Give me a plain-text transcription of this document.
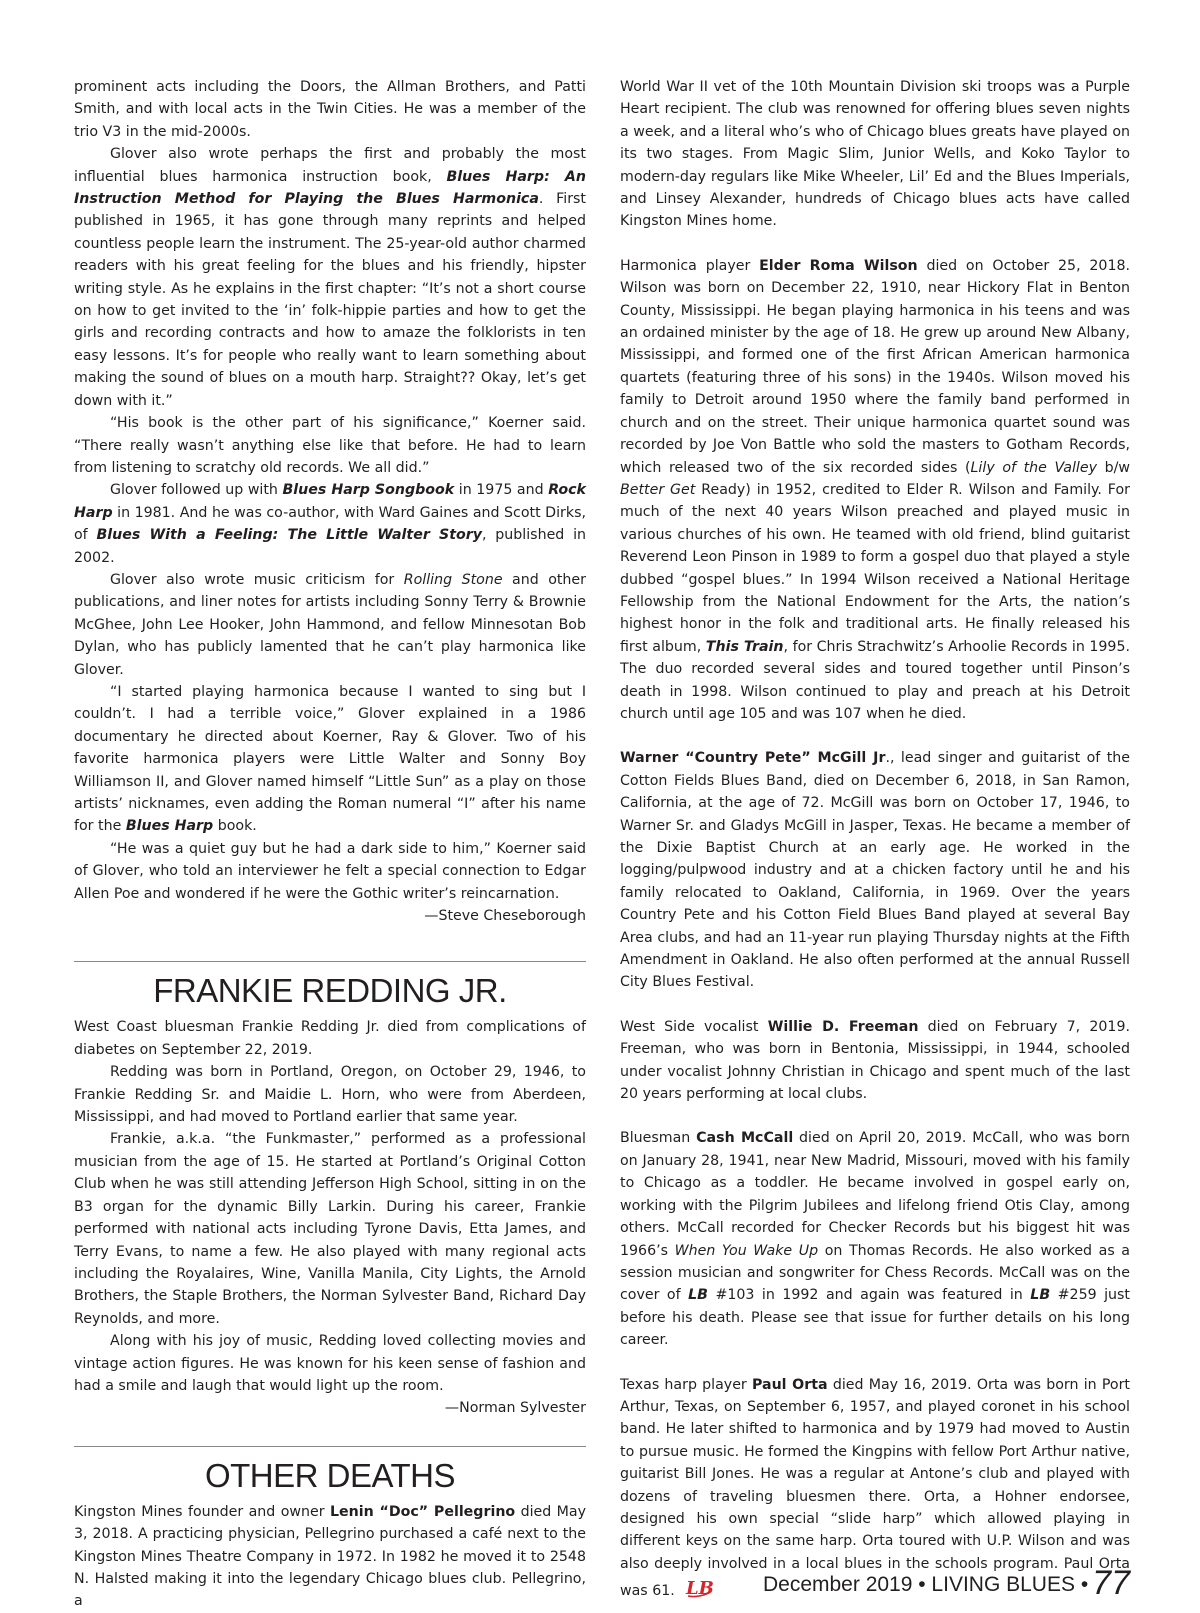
prominent acts including the Doors, the Allman Brothers, and Patti Smith, and with local acts in the Twin Cities. He was a member of the trio V3 in the mid-2000s.

Glover also wrote perhaps the first and probably the most influential blues harmonica instruction book, Blues Harp: An Instruction Method for Playing the Blues Harmonica. First published in 1965, it has gone through many reprints and helped countless people learn the instrument. The 25-year-old author charmed readers with his great feeling for the blues and his friendly, hipster writing style. As he explains in the first chapter: “It’s not a short course on how to get invited to the ‘in’ folk-hippie parties and how to get the girls and recording contracts and how to amaze the folklorists in ten easy lessons. It’s for people who really want to learn something about making the sound of blues on a mouth harp. Straight?? Okay, let’s get down with it.”

“His book is the other part of his significance,” Koerner said. “There really wasn’t anything else like that before. He had to learn from listening to scratchy old records. We all did.”

Glover followed up with Blues Harp Songbook in 1975 and Rock Harp in 1981. And he was co-author, with Ward Gaines and Scott Dirks, of Blues With a Feeling: The Little Walter Story, published in 2002.

Glover also wrote music criticism for Rolling Stone and other publications, and liner notes for artists including Sonny Terry & Brownie McGhee, John Lee Hooker, John Hammond, and fellow Minnesotan Bob Dylan, who has publicly lamented that he can’t play harmonica like Glover.

“I started playing harmonica because I wanted to sing but I couldn’t. I had a terrible voice,” Glover explained in a 1986 documentary he directed about Koerner, Ray & Glover. Two of his favorite harmonica players were Little Walter and Sonny Boy Williamson II, and Glover named himself “Little Sun” as a play on those artists’ nicknames, even adding the Roman numeral “I” after his name for the Blues Harp book.

“He was a quiet guy but he had a dark side to him,” Koerner said of Glover, who told an interviewer he felt a special connection to Edgar Allen Poe and wondered if he were the Gothic writer’s reincarnation.

—Steve Cheseborough

FRANKIE REDDING JR.

West Coast bluesman Frankie Redding Jr. died from complications of diabetes on September 22, 2019.

Redding was born in Portland, Oregon, on October 29, 1946, to Frankie Redding Sr. and Maidie L. Horn, who were from Aberdeen, Mississippi, and had moved to Portland earlier that same year.

Frankie, a.k.a. “the Funkmaster,” performed as a professional musician from the age of 15. He started at Portland’s Original Cotton Club when he was still attending Jefferson High School, sitting in on the B3 organ for the dynamic Billy Larkin. During his career, Frankie performed with national acts including Tyrone Davis, Etta James, and Terry Evans, to name a few. He also played with many regional acts including the Royalaires, Wine, Vanilla Manila, City Lights, the Arnold Brothers, the Staple Brothers, the Norman Sylvester Band, Richard Day Reynolds, and more.

Along with his joy of music, Redding loved collecting movies and vintage action figures. He was known for his keen sense of fashion and had a smile and laugh that would light up the room.

—Norman Sylvester

OTHER DEATHS

Kingston Mines founder and owner Lenin “Doc” Pellegrino died May 3, 2018. A practicing physician, Pellegrino purchased a café next to the Kingston Mines Theatre Company in 1972. In 1982 he moved it to 2548 N. Halsted making it into the legendary Chicago blues club. Pellegrino, a

World War II vet of the 10th Mountain Division ski troops was a Purple Heart recipient. The club was renowned for offering blues seven nights a week, and a literal who’s who of Chicago blues greats have played on its two stages. From Magic Slim, Junior Wells, and Koko Taylor to modern-day regulars like Mike Wheeler, Lil’ Ed and the Blues Imperials, and Linsey Alexander, hundreds of Chicago blues acts have called Kingston Mines home.

Harmonica player Elder Roma Wilson died on October 25, 2018. Wilson was born on December 22, 1910, near Hickory Flat in Benton County, Mississippi. He began playing harmonica in his teens and was an ordained minister by the age of 18. He grew up around New Albany, Mississippi, and formed one of the first African American harmonica quartets (featuring three of his sons) in the 1940s. Wilson moved his family to Detroit around 1950 where the family band performed in church and on the street. Their unique harmonica quartet sound was recorded by Joe Von Battle who sold the masters to Gotham Records, which released two of the six recorded sides (Lily of the Valley b/w Better Get Ready) in 1952, credited to Elder R. Wilson and Family. For much of the next 40 years Wilson preached and played music in various churches of his own. He teamed with old friend, blind guitarist Reverend Leon Pinson in 1989 to form a gospel duo that played a style dubbed “gospel blues.” In 1994 Wilson received a National Heritage Fellowship from the National Endowment for the Arts, the nation’s highest honor in the folk and traditional arts. He finally released his first album, This Train, for Chris Strachwitz’s Arhoolie Records in 1995. The duo recorded several sides and toured together until Pinson’s death in 1998. Wilson continued to play and preach at his Detroit church until age 105 and was 107 when he died.

Warner “Country Pete” McGill Jr., lead singer and guitarist of the Cotton Fields Blues Band, died on December 6, 2018, in San Ramon, California, at the age of 72. McGill was born on October 17, 1946, to Warner Sr. and Gladys McGill in Jasper, Texas. He became a member of the Dixie Baptist Church at an early age. He worked in the logging/pulpwood industry and at a chicken factory until he and his family relocated to Oakland, California, in 1969. Over the years Country Pete and his Cotton Field Blues Band played at several Bay Area clubs, and had an 11-year run playing Thursday nights at the Fifth Amendment in Oakland. He also often performed at the annual Russell City Blues Festival.

West Side vocalist Willie D. Freeman died on February 7, 2019. Freeman, who was born in Bentonia, Mississippi, in 1944, schooled under vocalist Johnny Christian in Chicago and spent much of the last 20 years performing at local clubs.

Bluesman Cash McCall died on April 20, 2019. McCall, who was born on January 28, 1941, near New Madrid, Missouri, moved with his family to Chicago as a toddler. He became involved in gospel early on, working with the Pilgrim Jubilees and lifelong friend Otis Clay, among others. McCall recorded for Checker Records but his biggest hit was 1966’s When You Wake Up on Thomas Records. He also worked as a session musician and songwriter for Chess Records. McCall was on the cover of LB #103 in 1992 and again was featured in LB #259 just before his death. Please see that issue for further details on his long career.

Texas harp player Paul Orta died May 16, 2019. Orta was born in Port Arthur, Texas, on September 6, 1957, and played coronet in his school band. He later shifted to harmonica and by 1979 had moved to Austin to pursue music. He formed the Kingpins with fellow Port Arthur native, guitarist Bill Jones. He was a regular at Antone’s club and played with dozens of traveling bluesmen there. Orta, a Hohner endorsee, designed his own special “slide harp” which allowed playing in different keys on the same harp. Orta toured with U.P. Wilson and was also deeply involved in a local blues in the schools program. Paul Orta was 61. LB December 2019 • LIVING BLUES • 77
